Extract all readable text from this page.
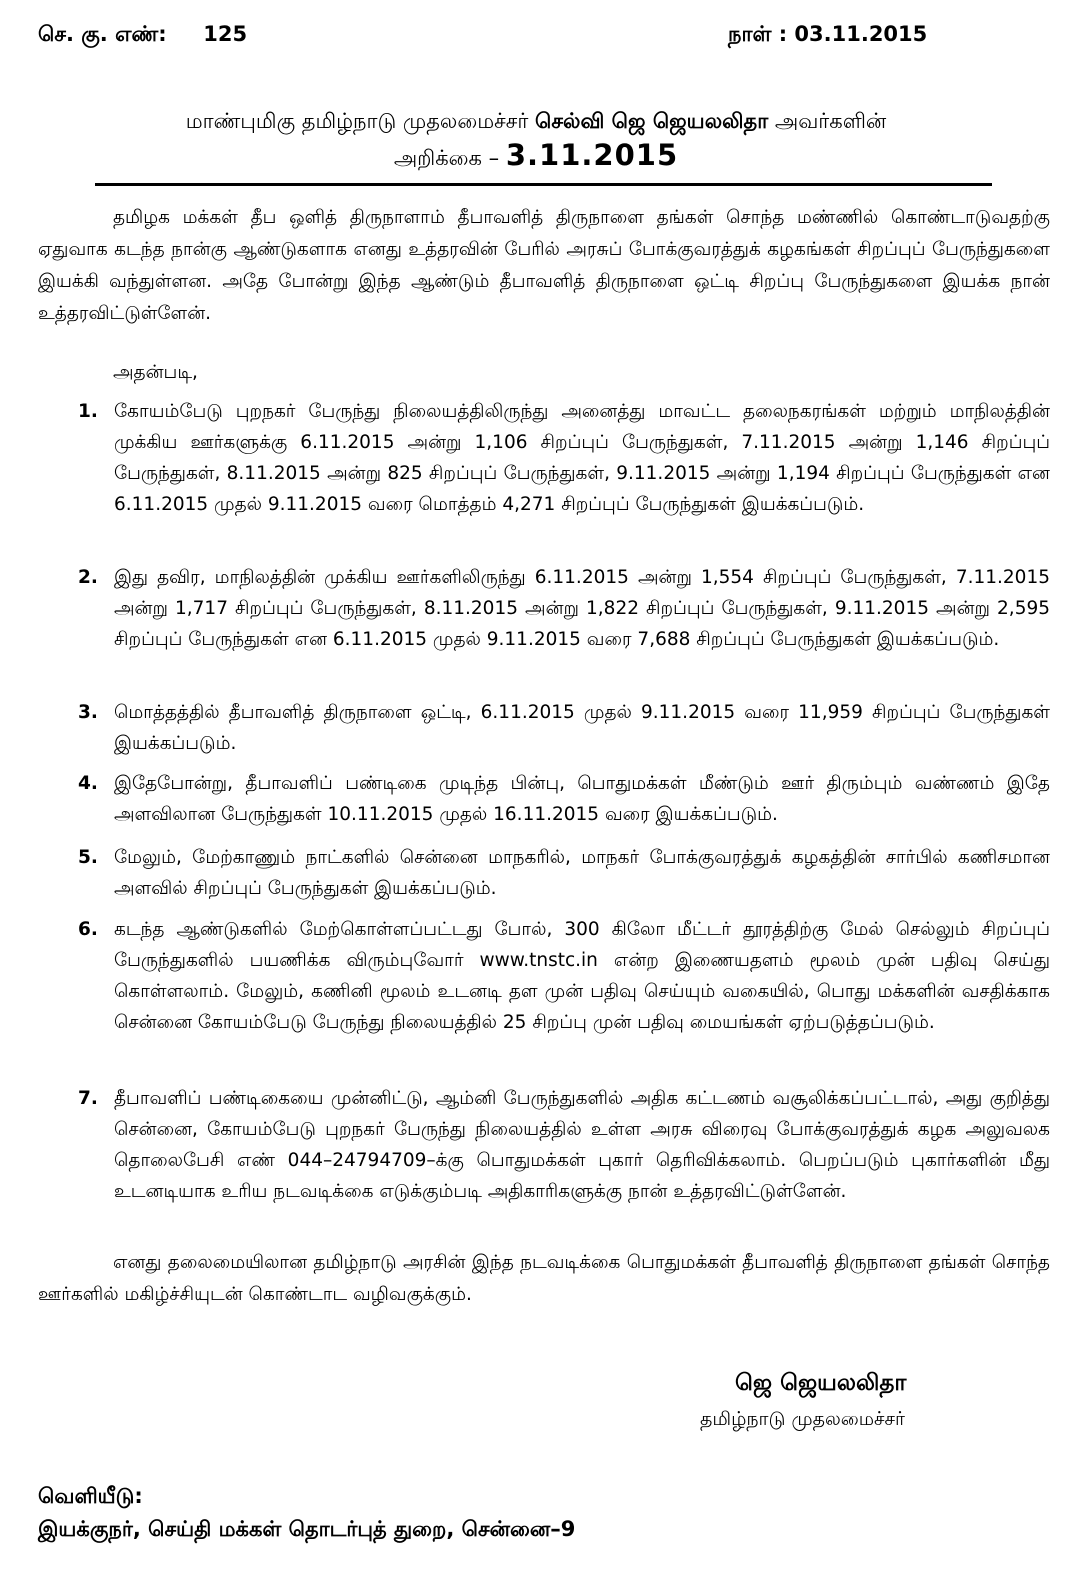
செ. கு. எண்: 125	நாள் : 03.11.2015
மாண்புமிகு தமிழ்நாடு முதலமைச்சர் செல்வி ஜெ ஜெயலலிதா அவர்களின்
அறிக்கை – 3.11.2015

தமிழக மக்கள் தீப ஒளித் திருநாளாம் தீபாவளித் திருநாளை தங்கள் சொந்த மண்ணில் கொண்டாடுவதற்கு ஏதுவாக கடந்த நான்கு ஆண்டுகளாக எனது உத்தரவின் பேரில் அரசுப் போக்குவரத்துக் கழகங்கள் சிறப்புப் பேருந்துகளை இயக்கி வந்துள்ளன. அதே போன்று இந்த ஆண்டும் தீபாவளித் திருநாளை ஒட்டி சிறப்பு பேருந்துகளை இயக்க நான் உத்தரவிட்டுள்ளேன்.

அதன்படி,
1. கோயம்பேடு புறநகர் பேருந்து நிலையத்திலிருந்து அனைத்து மாவட்ட தலைநகரங்கள் மற்றும் மாநிலத்தின் முக்கிய ஊர்களுக்கு 6.11.2015 அன்று 1,106 சிறப்புப் பேருந்துகள், 7.11.2015 அன்று 1,146 சிறப்புப் பேருந்துகள், 8.11.2015 அன்று 825 சிறப்புப் பேருந்துகள், 9.11.2015 அன்று 1,194 சிறப்புப் பேருந்துகள் என 6.11.2015 முதல் 9.11.2015 வரை மொத்தம் 4,271 சிறப்புப் பேருந்துகள் இயக்கப்படும்.
2. இது தவிர, மாநிலத்தின் முக்கிய ஊர்களிலிருந்து 6.11.2015 அன்று 1,554 சிறப்புப் பேருந்துகள், 7.11.2015 அன்று 1,717 சிறப்புப் பேருந்துகள், 8.11.2015 அன்று 1,822 சிறப்புப் பேருந்துகள், 9.11.2015 அன்று 2,595 சிறப்புப் பேருந்துகள் என 6.11.2015 முதல் 9.11.2015 வரை 7,688 சிறப்புப் பேருந்துகள் இயக்கப்படும்.
3. மொத்தத்தில் தீபாவளித் திருநாளை ஒட்டி, 6.11.2015 முதல் 9.11.2015 வரை 11,959 சிறப்புப் பேருந்துகள் இயக்கப்படும்.
4. இதேபோன்று, தீபாவளிப் பண்டிகை முடிந்த பின்பு, பொதுமக்கள் மீண்டும் ஊர் திரும்பும் வண்ணம் இதே அளவிலான பேருந்துகள் 10.11.2015 முதல் 16.11.2015 வரை இயக்கப்படும்.
5. மேலும், மேற்காணும் நாட்களில் சென்னை மாநகரில், மாநகர் போக்குவரத்துக் கழகத்தின் சார்பில் கணிசமான அளவில் சிறப்புப் பேருந்துகள் இயக்கப்படும்.
6. கடந்த ஆண்டுகளில் மேற்கொள்ளப்பட்டது போல், 300 கிலோ மீட்டர் தூரத்திற்கு மேல் செல்லும் சிறப்புப் பேருந்துகளில் பயணிக்க விரும்புவோர் www.tnstc.in என்ற இணையதளம் மூலம் முன் பதிவு செய்து கொள்ளலாம். மேலும், கணினி மூலம் உடனடி தள முன் பதிவு செய்யும் வகையில், பொது மக்களின் வசதிக்காக சென்னை கோயம்பேடு பேருந்து நிலையத்தில் 25 சிறப்பு முன் பதிவு மையங்கள் ஏற்படுத்தப்படும்.
7. தீபாவளிப் பண்டிகையை முன்னிட்டு, ஆம்னி பேருந்துகளில் அதிக கட்டணம் வசூலிக்கப்பட்டால், அது குறித்து சென்னை, கோயம்பேடு புறநகர் பேருந்து நிலையத்தில் உள்ள அரசு விரைவு போக்குவரத்துக் கழக அலுவலக தொலைபேசி எண் 044–24794709–க்கு பொதுமக்கள் புகார் தெரிவிக்கலாம். பெறப்படும் புகார்களின் மீது உடனடியாக உரிய நடவடிக்கை எடுக்கும்படி அதிகாரிகளுக்கு நான் உத்தரவிட்டுள்ளேன்.

எனது தலைமையிலான தமிழ்நாடு அரசின் இந்த நடவடிக்கை பொதுமக்கள் தீபாவளித் திருநாளை தங்கள் சொந்த ஊர்களில் மகிழ்ச்சியுடன் கொண்டாட வழிவகுக்கும்.

ஜெ ஜெயலலிதா
தமிழ்நாடு முதலமைச்சர்
வெளியீடு:
இயக்குநர், செய்தி மக்கள் தொடர்புத் துறை, சென்னை–9
